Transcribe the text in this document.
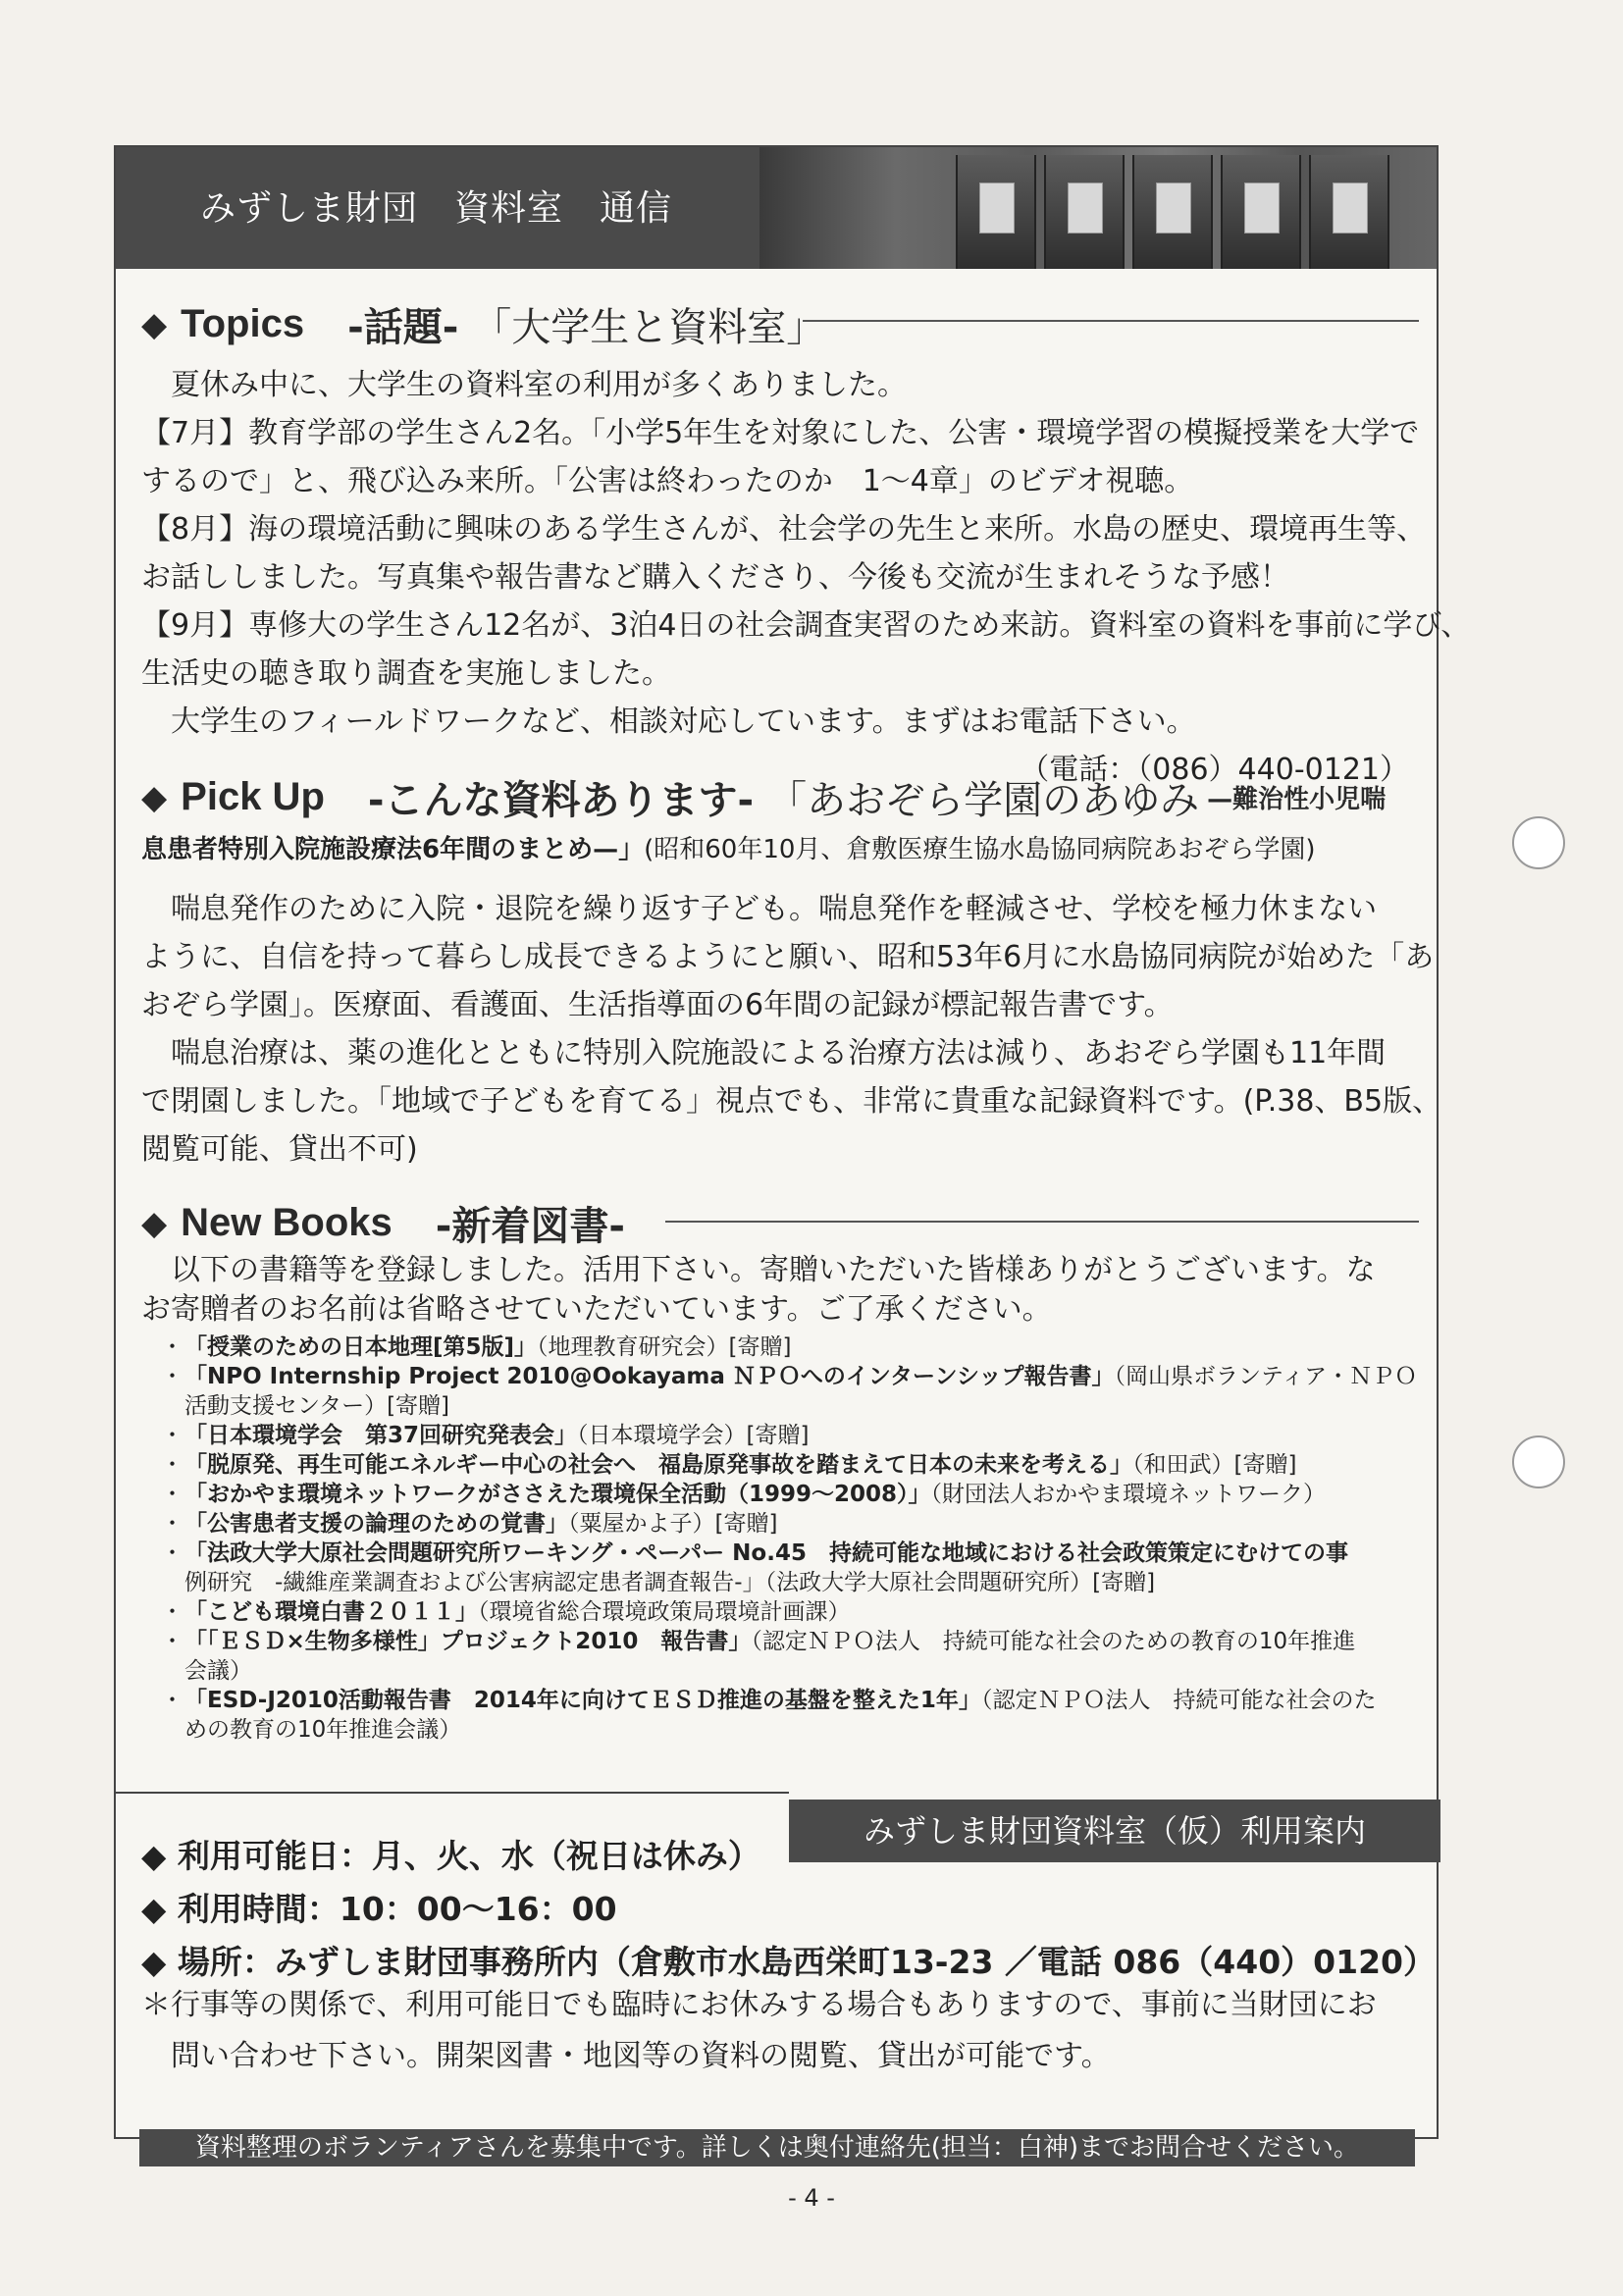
みずしま財団　資料室　通信
◆ Topics -話題- 「大学生と資料室」
夏休み中に、大学生の資料室の利用が多くありました。
【7月】教育学部の学生さん2名。「小学5年生を対象にした、公害・環境学習の模擬授業を大学で
するので」と、飛び込み来所。「公害は終わったのか　1～4章」のビデオ視聴。
【8月】海の環境活動に興味のある学生さんが、社会学の先生と来所。水島の歴史、環境再生等、
お話ししました。写真集や報告書など購入くださり、今後も交流が生まれそうな予感！
【9月】専修大の学生さん12名が、3泊4日の社会調査実習のため来訪。資料室の資料を事前に学び、
生活史の聴き取り調査を実施しました。
大学生のフィールドワークなど、相談対応しています。まずはお電話下さい。
（電話：（086）440-0121）
◆ Pick Up -こんな資料あります- 「あおぞら学園のあゆみ —難治性小児喘
息患者特別入院施設療法6年間のまとめ—」(昭和60年10月、倉敷医療生協水島協同病院あおぞら学園)
喘息発作のために入院・退院を繰り返す子ども。喘息発作を軽減させ、学校を極力休まない
ように、自信を持って暮らし成長できるようにと願い、昭和53年6月に水島協同病院が始めた「あ
おぞら学園」。医療面、看護面、生活指導面の6年間の記録が標記報告書です。
喘息治療は、薬の進化とともに特別入院施設による治療方法は減り、あおぞら学園も11年間
で閉園しました。「地域で子どもを育てる」視点でも、非常に貴重な記録資料です。(P.38、B5版、
閲覧可能、貸出不可)
◆ New Books -新着図書-
以下の書籍等を登録しました。活用下さい。寄贈いただいた皆様ありがとうございます。な
お寄贈者のお名前は省略させていただいています。ご了承ください。
・ 「授業のための日本地理[第5版]」（地理教育研究会）[寄贈]
・ 「NPO Internship Project 2010@Ookayama ＮＰＯへのインターンシップ報告書」（岡山県ボランティア・ＮＰＯ
活動支援センター）[寄贈]
・ 「日本環境学会　第37回研究発表会」（日本環境学会）[寄贈]
・ 「脱原発、再生可能エネルギー中心の社会へ　福島原発事故を踏まえて日本の未来を考える」（和田武）[寄贈]
・ 「おかやま環境ネットワークがささえた環境保全活動（1999～2008）」（財団法人おかやま環境ネットワーク）
・ 「公害患者支援の論理のための覚書」（粟屋かよ子）[寄贈]
・ 「法政大学大原社会問題研究所ワーキング・ペーパー No.45　持続可能な地域における社会政策策定にむけての事
例研究　-繊維産業調査および公害病認定患者調査報告-」（法政大学大原社会問題研究所）[寄贈]
・ 「こども環境白書２０１１」（環境省総合環境政策局環境計画課）
・ 「「ＥＳＤ×生物多様性」プロジェクト2010　報告書」（認定ＮＰＯ法人　持続可能な社会のための教育の10年推進
会議）
・ 「ESD-J2010活動報告書　2014年に向けてＥＳＤ推進の基盤を整えた1年」（認定ＮＰＯ法人　持続可能な社会のた
めの教育の10年推進会議）
みずしま財団資料室（仮）利用案内
◆ 利用可能日：月、火、水（祝日は休み）
◆ 利用時間：10：00～16：00
◆ 場所：みずしま財団事務所内（倉敷市水島西栄町13-23 ／電話 086（440）0120）
＊行事等の関係で、利用可能日でも臨時にお休みする場合もありますので、事前に当財団にお
　問い合わせ下さい。開架図書・地図等の資料の閲覧、貸出が可能です。
資料整理のボランティアさんを募集中です。詳しくは奥付連絡先(担当：白神)までお問合せください。
- 4 -
